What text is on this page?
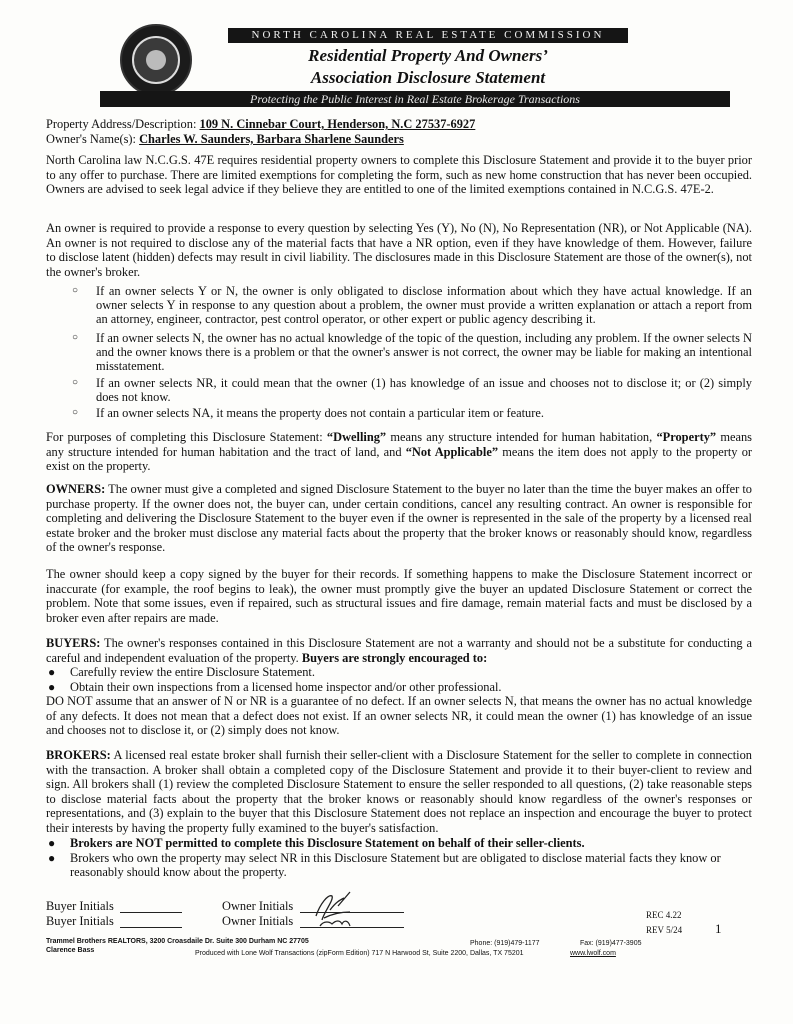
NORTH CAROLINA REAL ESTATE COMMISSION
Residential Property And Owners’
Association Disclosure Statement
Protecting the Public Interest in Real Estate Brokerage Transactions
Property Address/Description: 109 N. Cinnebar Court, Henderson, N.C 27537-6927
Owner's Name(s): Charles W. Saunders, Barbara Sharlene Saunders
North Carolina law N.C.G.S. 47E requires residential property owners to complete this Disclosure Statement and provide it to the buyer prior to any offer to purchase. There are limited exemptions for completing the form, such as new home construction that has never been occupied. Owners are advised to seek legal advice if they believe they are entitled to one of the limited exemptions contained in N.C.G.S. 47E-2.
An owner is required to provide a response to every question by selecting Yes (Y), No (N), No Representation (NR), or Not Applicable (NA). An owner is not required to disclose any of the material facts that have a NR option, even if they have knowledge of them. However, failure to disclose latent (hidden) defects may result in civil liability. The disclosures made in this Disclosure Statement are those of the owner(s), not the owner's broker.
○ If an owner selects Y or N, the owner is only obligated to disclose information about which they have actual knowledge. If an owner selects Y in response to any question about a problem, the owner must provide a written explanation or attach a report from an attorney, engineer, contractor, pest control operator, or other expert or public agency describing it.
○ If an owner selects N, the owner has no actual knowledge of the topic of the question, including any problem. If the owner selects N and the owner knows there is a problem or that the owner's answer is not correct, the owner may be liable for making an intentional misstatement.
○ If an owner selects NR, it could mean that the owner (1) has knowledge of an issue and chooses not to disclose it; or (2) simply does not know.
○ If an owner selects NA, it means the property does not contain a particular item or feature.
For purposes of completing this Disclosure Statement: “Dwelling” means any structure intended for human habitation, “Property” means any structure intended for human habitation and the tract of land, and “Not Applicable” means the item does not apply to the property or exist on the property.
OWNERS: The owner must give a completed and signed Disclosure Statement to the buyer no later than the time the buyer makes an offer to purchase property. If the owner does not, the buyer can, under certain conditions, cancel any resulting contract. An owner is responsible for completing and delivering the Disclosure Statement to the buyer even if the owner is represented in the sale of the property by a licensed real estate broker and the broker must disclose any material facts about the property that the broker knows or reasonably should know, regardless of the owner's response.
The owner should keep a copy signed by the buyer for their records. If something happens to make the Disclosure Statement incorrect or inaccurate (for example, the roof begins to leak), the owner must promptly give the buyer an updated Disclosure Statement or correct the problem. Note that some issues, even if repaired, such as structural issues and fire damage, remain material facts and must be disclosed by a broker even after repairs are made.
BUYERS: The owner's responses contained in this Disclosure Statement are not a warranty and should not be a substitute for conducting a careful and independent evaluation of the property. Buyers are strongly encouraged to:
● Carefully review the entire Disclosure Statement.
● Obtain their own inspections from a licensed home inspector and/or other professional.
DO NOT assume that an answer of N or NR is a guarantee of no defect. If an owner selects N, that means the owner has no actual knowledge of any defects. It does not mean that a defect does not exist. If an owner selects NR, it could mean the owner (1) has knowledge of an issue and chooses not to disclose it, or (2) simply does not know.
BROKERS: A licensed real estate broker shall furnish their seller-client with a Disclosure Statement for the seller to complete in connection with the transaction. A broker shall obtain a completed copy of the Disclosure Statement and provide it to their buyer-client to review and sign. All brokers shall (1) review the completed Disclosure Statement to ensure the seller responded to all questions, (2) take reasonable steps to disclose material facts about the property that the broker knows or reasonably should know regardless of the owner's responses or representations, and (3) explain to the buyer that this Disclosure Statement does not replace an inspection and encourage the buyer to protect their interests by having the property fully examined to the buyer's satisfaction.
● Brokers are NOT permitted to complete this Disclosure Statement on behalf of their seller-clients.
● Brokers who own the property may select NR in this Disclosure Statement but are obligated to disclose material facts they know or reasonably should know about the property.
Buyer Initials
Buyer Initials
Owner Initials
Owner Initials	REC 4.22
REV 5/24	1
Trammel Brothers REALTORS, 3200 Croasdaile Dr. Suite 300 Durham NC 27705
Clarence Bass
Phone: (919)479-1177	Fax: (919)477-3905
Produced with Lone Wolf Transactions (zipForm Edition) 717 N Harwood St, Suite 2200, Dallas, TX 75201	www.lwolf.com
